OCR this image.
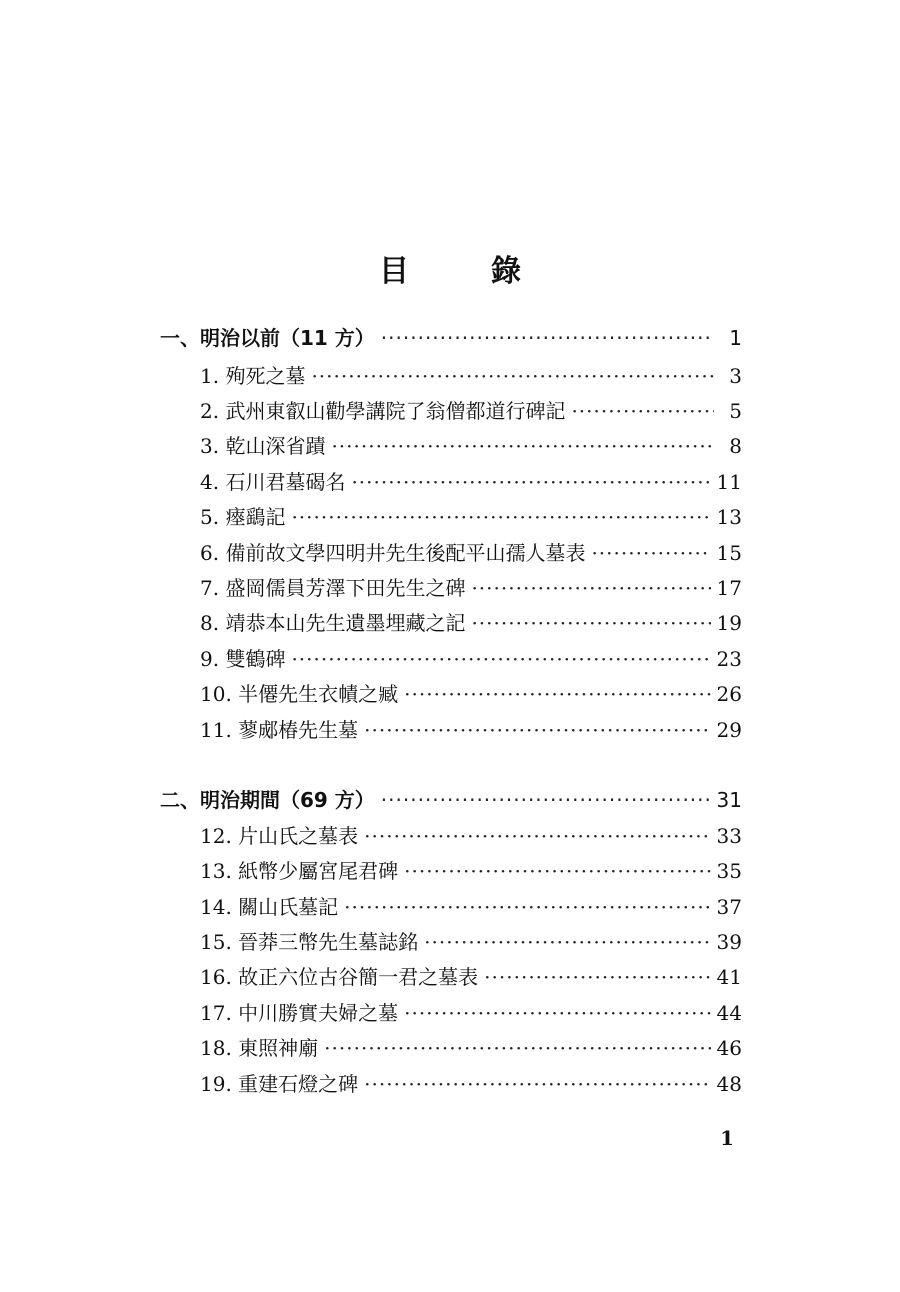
目	錄
一、明治以前（11 方） ·····	1
1. 殉死之墓 ·····	3
2. 武州東叡山勸學講院了翁僧都道行碑記 ·····	5
3. 乾山深省蹟 ·····	8
4. 石川君墓碣名 ·····	11
5. 瘞鷂記 ·····	13
6. 備前故文學四明井先生後配平山孺人墓表 ·····	15
7. 盛岡儒員芳澤下田先生之碑 ·····	17
8. 靖恭本山先生遺墨埋藏之記 ·····	19
9. 雙鶴碑 ·····	23
10. 半僊先生衣幘之臧 ·····	26
11. 蓼郕椿先生墓 ·····	29
二、明治期間（69 方） ·····	31
12. 片山氏之墓表 ·····	33
13. 紙幣少屬宮尾君碑 ·····	35
14. 關山氏墓記 ·····	37
15. 晉莽三幣先生墓誌銘 ·····	39
16. 故正六位古谷簡一君之墓表 ·····	41
17. 中川勝實夫婦之墓 ·····	44
18. 東照神廟 ·····	46
19. 重建石燈之碑 ·····	48
1
